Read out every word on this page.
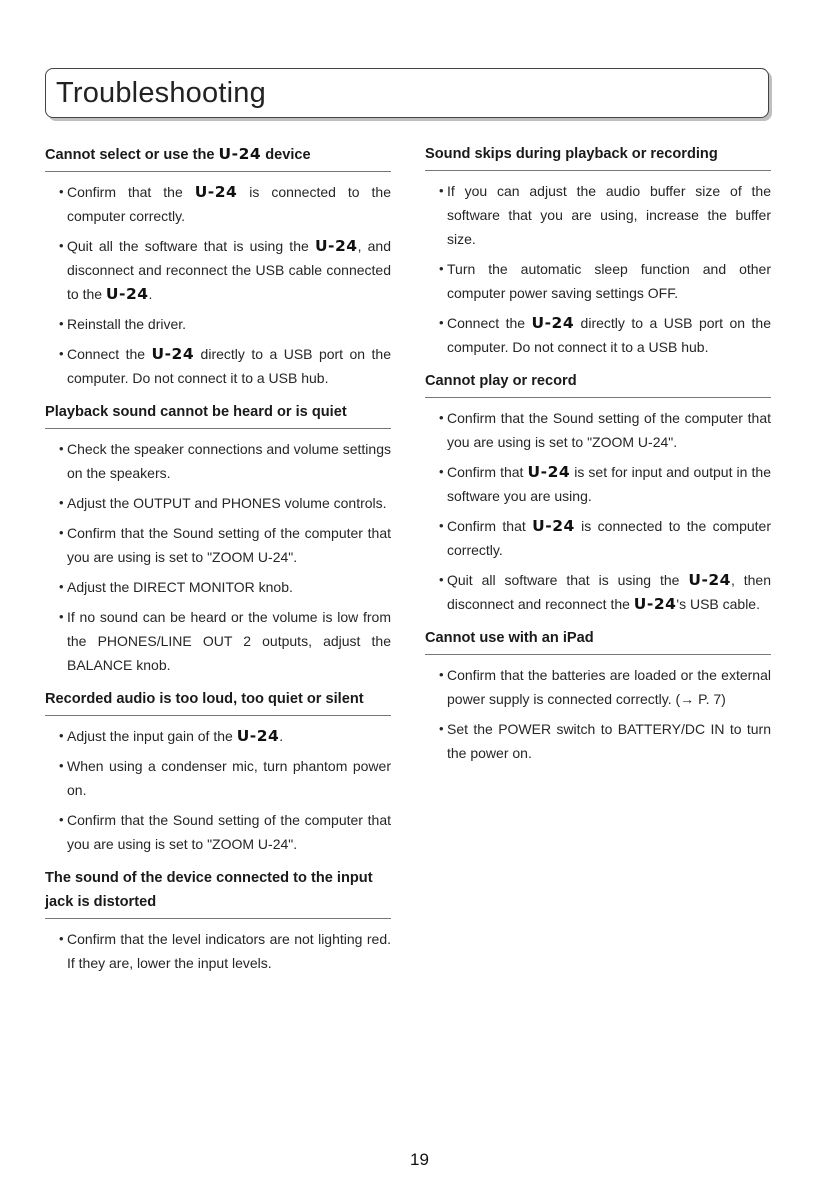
Troubleshooting
Cannot select or use the U-24 device
• Confirm that the U-24 is connected to the computer correctly.
• Quit all the software that is using the U-24, and disconnect and reconnect the USB cable connected to the U-24.
• Reinstall the driver.
• Connect the U-24 directly to a USB port on the computer. Do not connect it to a USB hub.
Playback sound cannot be heard or is quiet
• Check the speaker connections and volume settings on the speakers.
• Adjust the OUTPUT and PHONES volume controls.
• Confirm that the Sound setting of the computer that you are using is set to "ZOOM U-24".
• Adjust the DIRECT MONITOR knob.
• If no sound can be heard or the volume is low from the PHONES/LINE OUT 2 outputs, adjust the BALANCE knob.
Recorded audio is too loud, too quiet or silent
• Adjust the input gain of the U-24.
• When using a condenser mic, turn phantom power on.
• Confirm that the Sound setting of the computer that you are using is set to "ZOOM U-24".
The sound of the device connected to the input jack is distorted
• Confirm that the level indicators are not lighting red. If they are, lower the input levels.
Sound skips during playback or recording
• If you can adjust the audio buffer size of the software that you are using, increase the buffer size.
• Turn the automatic sleep function and other computer power saving settings OFF.
• Connect the U-24 directly to a USB port on the computer. Do not connect it to a USB hub.
Cannot play or record
• Confirm that the Sound setting of the computer that you are using is set to "ZOOM U-24".
• Confirm that U-24 is set for input and output in the software you are using.
• Confirm that U-24 is connected to the computer correctly.
• Quit all software that is using the U-24, then disconnect and reconnect the U-24's USB cable.
Cannot use with an iPad
• Confirm that the batteries are loaded or the external power supply is connected correctly. (→ P. 7)
• Set the POWER switch to BATTERY/DC IN to turn the power on.
19
